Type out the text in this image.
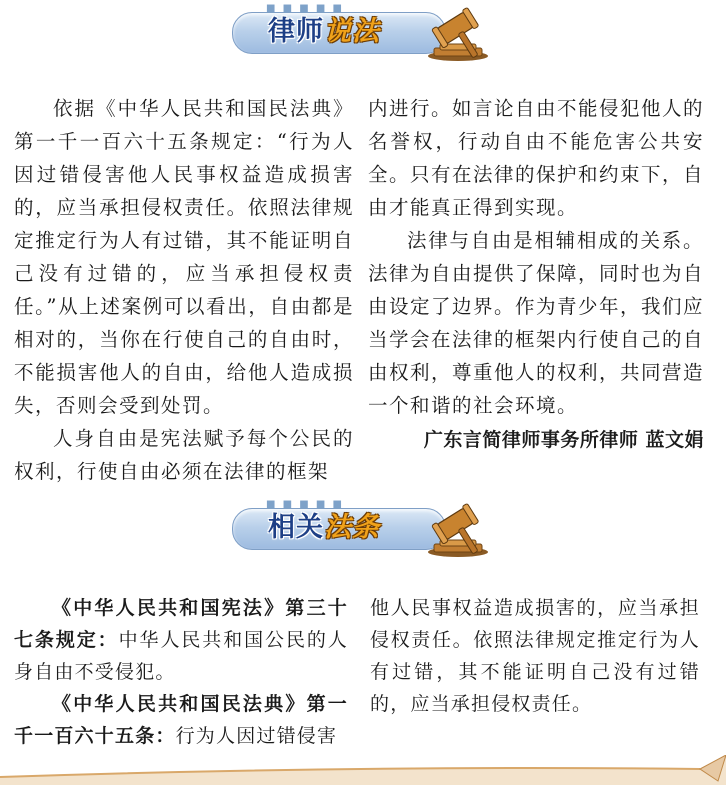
■ ■ ■ ■ ■
律师说法

依据《中华人民共和国民法典》第一千一百六十五条规定：“行为人因过错侵害他人民事权益造成损害的，应当承担侵权责任。依照法律规定推定行为人有过错，其不能证明自己没有过错的，应当承担侵权责任。”从上述案例可以看出，自由都是相对的，当你在行使自己的自由时，不能损害他人的自由，给他人造成损失，否则会受到处罚。

人身自由是宪法赋予每个公民的权利，行使自由必须在法律的框架

内进行。如言论自由不能侵犯他人的名誉权，行动自由不能危害公共安全。只有在法律的保护和约束下，自由才能真正得到实现。

法律与自由是相辅相成的关系。法律为自由提供了保障，同时也为自由设定了边界。作为青少年，我们应当学会在法律的框架内行使自己的自由权利，尊重他人的权利，共同营造一个和谐的社会环境。

广东言简律师事务所律师 蓝文娟
■ ■ ■ ■ ■
相关法条

《中华人民共和国宪法》第三十七条规定：中华人民共和国公民的人身自由不受侵犯。

《中华人民共和国民法典》第一千一百六十五条：行为人因过错侵害

他人民事权益造成损害的，应当承担侵权责任。依照法律规定推定行为人有过错，其不能证明自己没有过错的，应当承担侵权责任。
